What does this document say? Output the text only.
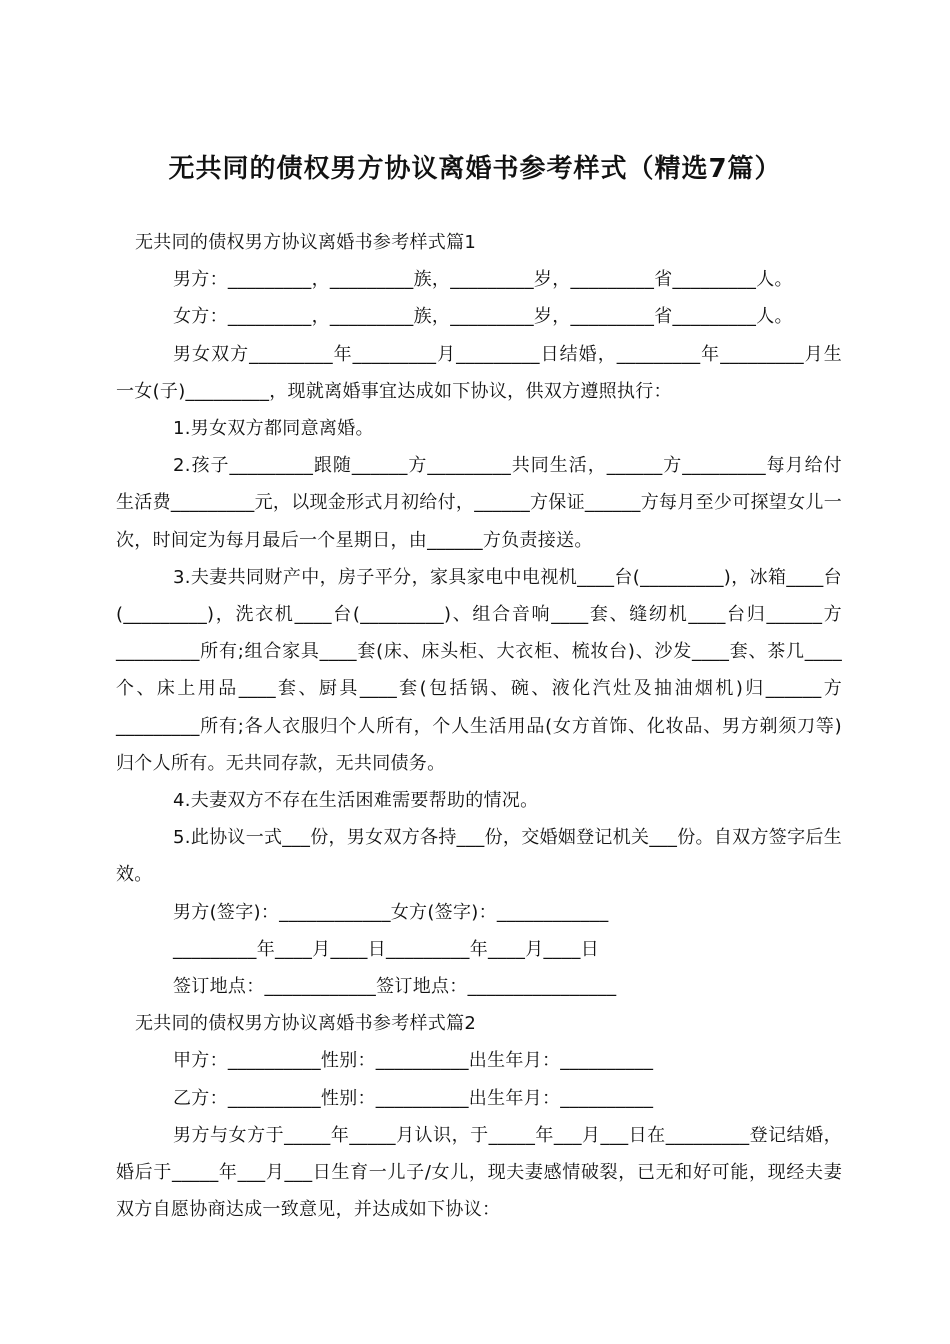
无共同的债权男方协议离婚书参考样式（精选7篇）

无共同的债权男方协议离婚书参考样式篇1

男方：_________，_________族，_________岁，_________省_________人。

女方：_________，_________族，_________岁，_________省_________人。

男女双方_________年_________月_________日结婚，_________年_________月生一女(子)_________，现就离婚事宜达成如下协议，供双方遵照执行：

1.男女双方都同意离婚。

2.孩子_________跟随______方_________共同生活，______方_________每月给付生活费_________元，以现金形式月初给付，______方保证______方每月至少可探望女儿一次，时间定为每月最后一个星期日，由______方负责接送。

3.夫妻共同财产中，房子平分，家具家电中电视机____台(_________)，冰箱____台(_________)，洗衣机____台(_________)、组合音响____套、缝纫机____台归______方_________所有;组合家具____套(床、床头柜、大衣柜、梳妆台)、沙发____套、茶几____个、床上用品____套、厨具____套(包括锅、碗、液化汽灶及抽油烟机)归______方_________所有;各人衣服归个人所有，个人生活用品(女方首饰、化妆品、男方剃须刀等)归个人所有。无共同存款，无共同债务。

4.夫妻双方不存在生活困难需要帮助的情况。

5.此协议一式___份，男女双方各持___份，交婚姻登记机关___份。自双方签字后生效。

男方(签字)：____________女方(签字)：____________

_________年____月____日_________年____月____日

签订地点：____________签订地点：________________

无共同的债权男方协议离婚书参考样式篇2

甲方：__________性别：__________出生年月：__________

乙方：__________性别：__________出生年月：__________

男方与女方于_____年_____月认识，于_____年___月___日在_________登记结婚，婚后于_____年___月___日生育一儿子/女儿，现夫妻感情破裂，已无和好可能，现经夫妻双方自愿协商达成一致意见，并达成如下协议：
